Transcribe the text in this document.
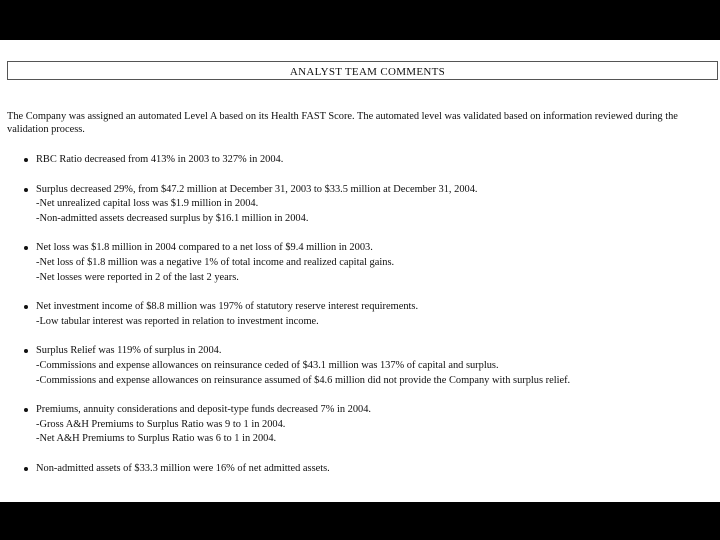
ANALYST TEAM COMMENTS
The Company was assigned an automated Level A based on its Health FAST Score. The automated level was validated based on information reviewed during the
validation process.
RBC Ratio decreased from 413% in 2003 to 327% in 2004.
Surplus decreased 29%, from $47.2 million at December 31, 2003 to $33.5 million at December 31, 2004.
-Net unrealized capital loss was $1.9 million in 2004.
-Non-admitted assets decreased surplus by $16.1 million in 2004.
Net loss was $1.8 million in 2004 compared to a net loss of $9.4 million in 2003.
-Net loss of $1.8 million was a negative 1% of total income and realized capital gains.
-Net losses were reported in 2 of the last 2 years.
Net investment income of $8.8 million was 197% of statutory reserve interest requirements.
-Low tabular interest was reported in relation to investment income.
Surplus Relief was 119% of surplus in 2004.
-Commissions and expense allowances on reinsurance ceded of $43.1 million was 137% of capital and surplus.
-Commissions and expense allowances on reinsurance assumed of $4.6 million did not provide the Company with surplus relief.
Premiums, annuity considerations and deposit-type funds decreased 7% in 2004.
-Gross A&H Premiums to Surplus Ratio was 9 to 1 in 2004.
-Net A&H Premiums to Surplus Ratio was 6 to 1 in 2004.
Non-admitted assets of $33.3 million were 16% of net admitted assets.
